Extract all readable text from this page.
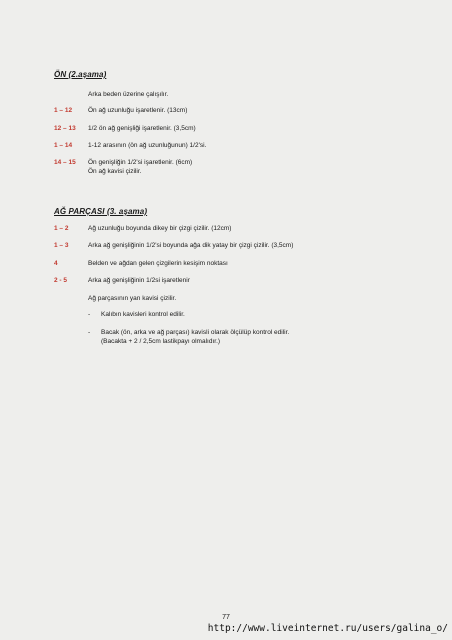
ÖN (2.aşama)
Arka beden üzerine çalışılır.
1 – 12 Ön ağ uzunluğu işaretlenir. (13cm)
12 – 13 1/2 ön ağ genişliği işaretlenir. (3,5cm)
1 – 14 1-12 arasının (ön ağ uzunluğunun) 1/2'si.
14 – 15 Ön genişliğin 1/2'si işaretlenir. (6cm)
Ön ağ kavisi çizilir.
AĞ PARÇASI (3. aşama)
1 – 2	Ağ uzunluğu boyunda dikey bir çizgi çizilir. (12cm)
1 – 3	Arka ağ genişliğinin 1/2'si boyunda ağa dik yatay bir çizgi çizilir. (3,5cm)
4	Belden ve ağdan gelen çizgilerin kesişim noktası
2 - 5	Arka ağ genişliğinin 1/2si işaretlenir
Ağ parçasının yan kavisi çizilir.
- Kalıbın kavisleri kontrol edilir.
- Bacak (ön, arka ve ağ parçası) kavisli olarak ölçülüp kontrol edilir.
(Bacakta + 2 / 2,5cm lastikpayı olmalıdır.)
77
http://www.liveinternet.ru/users/galina_o/
